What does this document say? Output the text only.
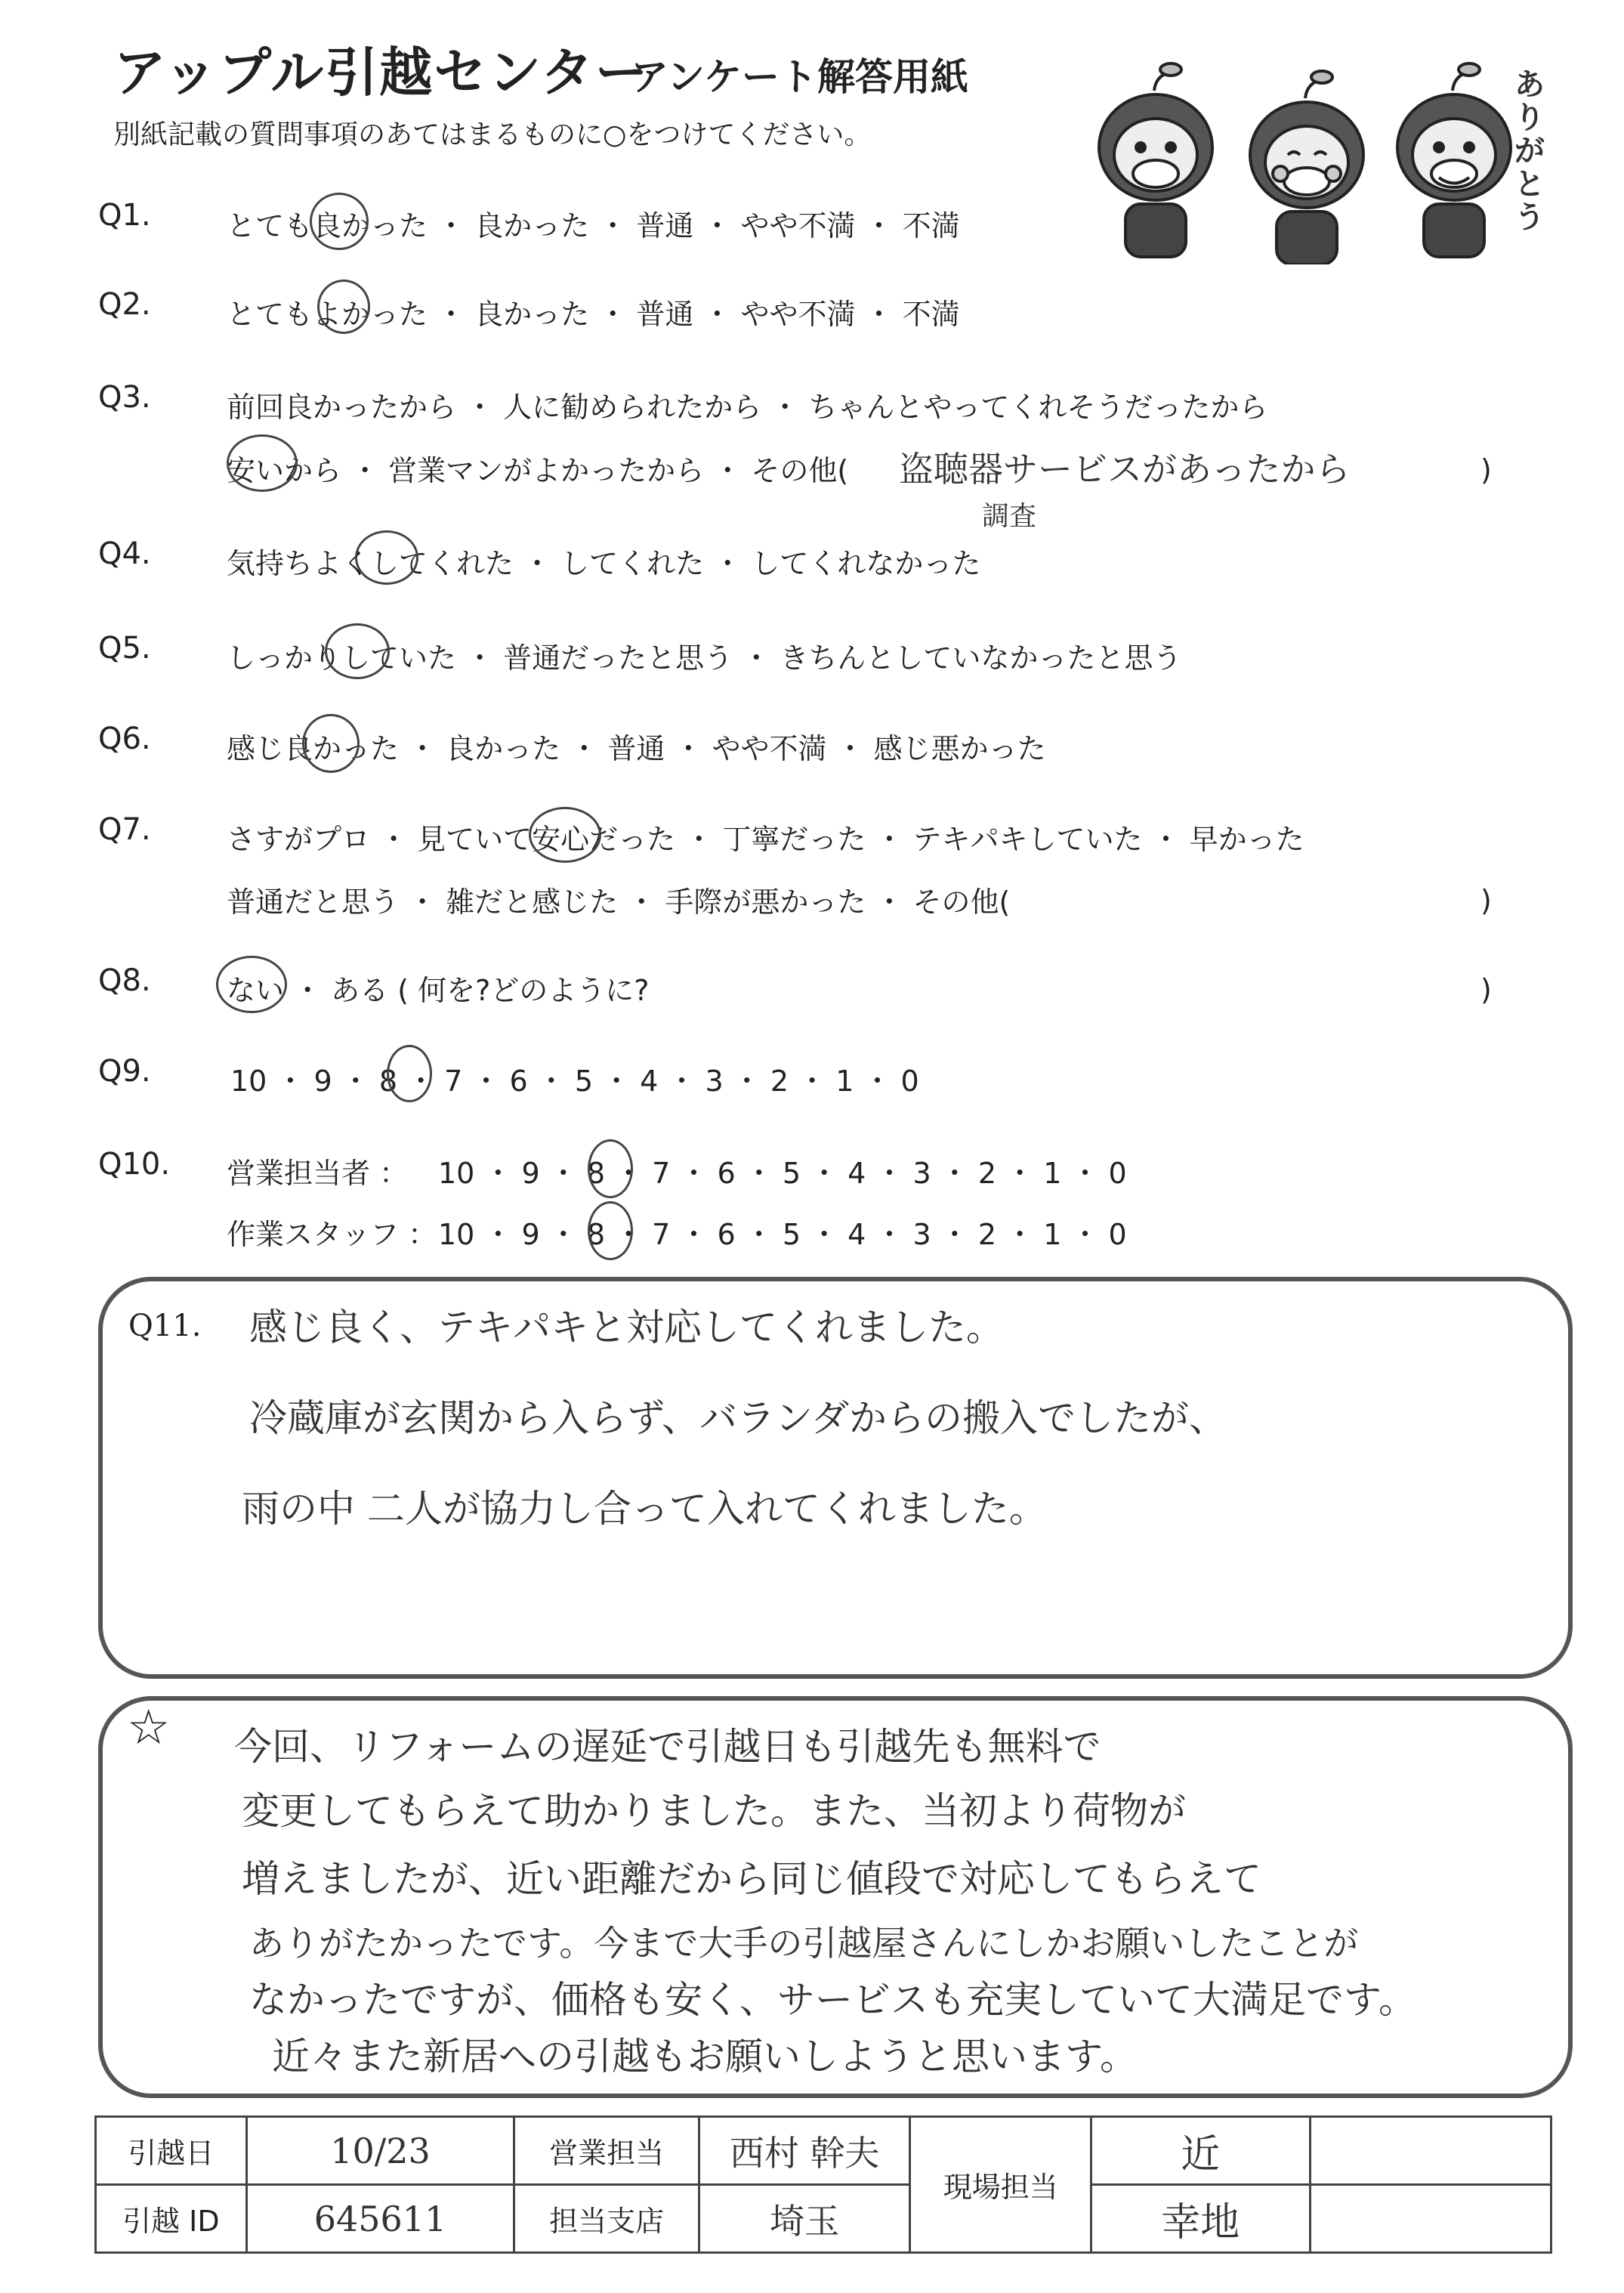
アップル引越センター
アンケート解答用紙
別紙記載の質問事項のあてはまるものに○をつけてください。
ありがとう
Q1.	とても良かった ・ 良かった ・ 普通 ・ やや不満 ・ 不満
Q2.	とてもよかった ・ 良かった ・ 普通 ・ やや不満 ・ 不満
Q3.	前回良かったから ・ 人に勧められたから ・ ちゃんとやってくれそうだったから
安いから ・ 営業マンがよかったから ・ その他( 盗聴器サービスがあったから
調査
)
Q4.	気持ちよくしてくれた ・ してくれた ・ してくれなかった
Q5.	しっかりしていた ・ 普通だったと思う ・ きちんとしていなかったと思う
Q6.	感じ良かった ・ 良かった ・ 普通 ・ やや不満 ・ 感じ悪かった
Q7.	さすがプロ ・ 見ていて安心だった ・ 丁寧だった ・ テキパキしていた ・ 早かった
普通だと思う ・ 雑だと感じた ・ 手際が悪かった ・ その他(	)
Q8.	ない ・ ある ( 何を?どのように?	)
Q9.	10 ・ 9 ・ 8 ・ 7 ・ 6 ・ 5 ・ 4 ・ 3 ・ 2 ・ 1 ・ 0
Q10. 営業担当者 ： 10 ・ 9 ・ 8 ・ 7 ・ 6 ・ 5 ・ 4 ・ 3 ・ 2 ・ 1 ・ 0
作業スタッフ ： 10 ・ 9 ・ 8 ・ 7 ・ 6 ・ 5 ・ 4 ・ 3 ・ 2 ・ 1 ・ 0
Q11. 感じ良く、テキパキと対応してくれました。
冷蔵庫が玄関から入らず、バランダからの搬入でしたが、
雨の中 二人が協力し合って入れてくれました。
☆ 今回、リフォームの遅延で引越日も引越先も無料で
変更してもらえて助かりました。また、当初より荷物が
増えましたが、近い距離だから同じ値段で対応してもらえて
ありがたかったです。今まで大手の引越屋さんにしかお願いしたことが
なかったですが、価格も安く、サービスも充実していて大満足です。
近々また新居への引越もお願いしようと思います。
引越日	10/23	営業担当	西村 幹夫	現場担当	近	
引越 ID	645611	担当支店	埼玉		幸地	
